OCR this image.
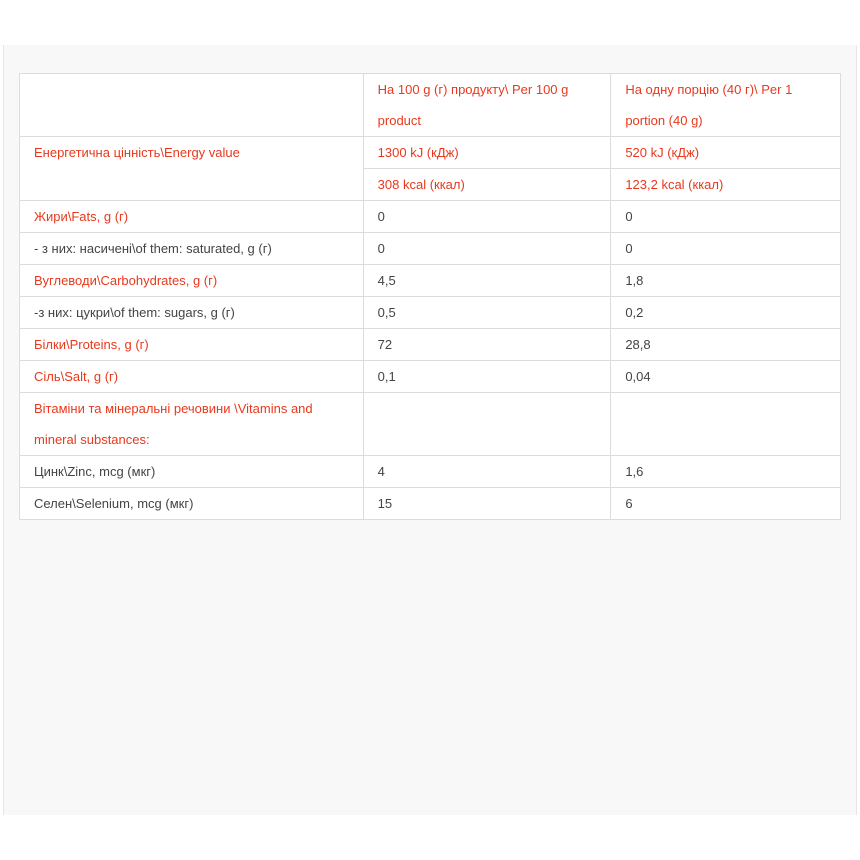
	На 100 g (г) продукту\ Per 100 g product	На одну порцію (40 г)\ Per 1 portion (40 g)
Енергетична цінність\Energy value	1300 kJ (кДж)	520 kJ (кДж)
	308 kcal (ккал)	123,2 kcal (ккал)
Жири\Fats, g (г)	0	0
- з них: насичені\of them: saturated, g (г)	0	0
Вуглеводи\Carbohydrates, g (г)	4,5	1,8
-з них: цукри\of them: sugars, g (г)	0,5	0,2
Білки\Proteins, g (г)	72	28,8
Сіль\Salt, g (г)	0,1	0,04
Вітаміни та мінеральні речовини \Vitamins and mineral substances:		
Цинк\Zinc, mcg (мкг)	4	1,6
Селен\Selenium, mcg (мкг)	15	6
